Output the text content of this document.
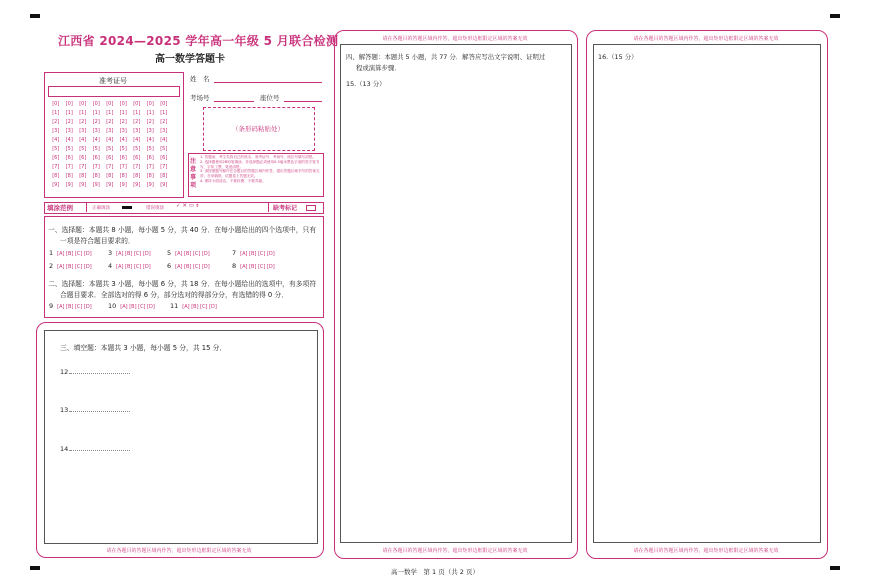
江西省 2024—2025 学年高一年级 5 月联合检测
高一数学答题卡
准考证号
[0] [0] [0] [0] [0] [0] [0] [0] [0]
[1] [1] [1] [1] [1] [1] [1] [1] [1]
[2] [2] [2] [2] [2] [2] [2] [2] [2]
[3] [3] [3] [3] [3] [3] [3] [3] [3]
[4] [4] [4] [4] [4] [4] [4] [4] [4]
[5] [5] [5] [5] [5] [5] [5] [5] [5]
[6] [6] [6] [6] [6] [6] [6] [6] [6]
[7] [7] [7] [7] [7] [7] [7] [7] [7]
[8] [8] [8] [8] [8] [8] [8] [8] [8]
[9] [9] [9] [9] [9] [9] [9] [9] [9]
姓　名
考场号	座位号
（条形码粘贴处）
注意事项
1. 答题前，考生先将自己的姓名、准考证号、考场号、座位号填写清楚。
2. 选择题使用2B铅笔填涂，非选择题必须使用0.5毫米黑色字迹的签字笔书写，字体工整、笔迹清楚。
3. 请按照题号顺序在各题目的答题区域内作答，超出答题区域书写的答案无效；在草稿纸、试题卷上答题无效。
4. 保持卡面清洁，不要折叠、不要弄破。
填涂范例	正确填涂	错误填涂 ✓ ✕ ▭ ⌽	缺考标记
一、选择题：本题共 8 小题，每小题 5 分，共 40 分．在每小题给出的四个选项中，只有
一项是符合题目要求的．
1 [A] [B] [C] [D]	3 [A] [B] [C] [D]	5 [A] [B] [C] [D]	7 [A] [B] [C] [D]
2 [A] [B] [C] [D]	4 [A] [B] [C] [D]	6 [A] [B] [C] [D]	8 [A] [B] [C] [D]
二、选择题：本题共 3 小题，每小题 6 分，共 18 分．在每小题给出的选项中，有多项符
合题目要求．全部选对的得 6 分，部分选对的得部分分，有选错的得 0 分．
9 [A] [B] [C] [D]	10 [A] [B] [C] [D] 11 [A] [B] [C] [D]
三、填空题：本题共 3 小题，每小题 5 分，共 15 分．
12.
13.
14.
请在各题目的答题区域内作答，超出矩形边框限定区域的答案无效
请在各题目的答题区域内作答，超出矩形边框限定区域的答案无效
四、解答题：本题共 5 小题，共 77 分．解答应写出文字说明、证明过
程或演算步骤．
15.（13 分）
请在各题目的答题区域内作答，超出矩形边框限定区域的答案无效
请在各题目的答题区域内作答，超出矩形边框限定区域的答案无效
16.（15 分）
请在各题目的答题区域内作答，超出矩形边框限定区域的答案无效
高一数学　第 1 页（共 2 页）
